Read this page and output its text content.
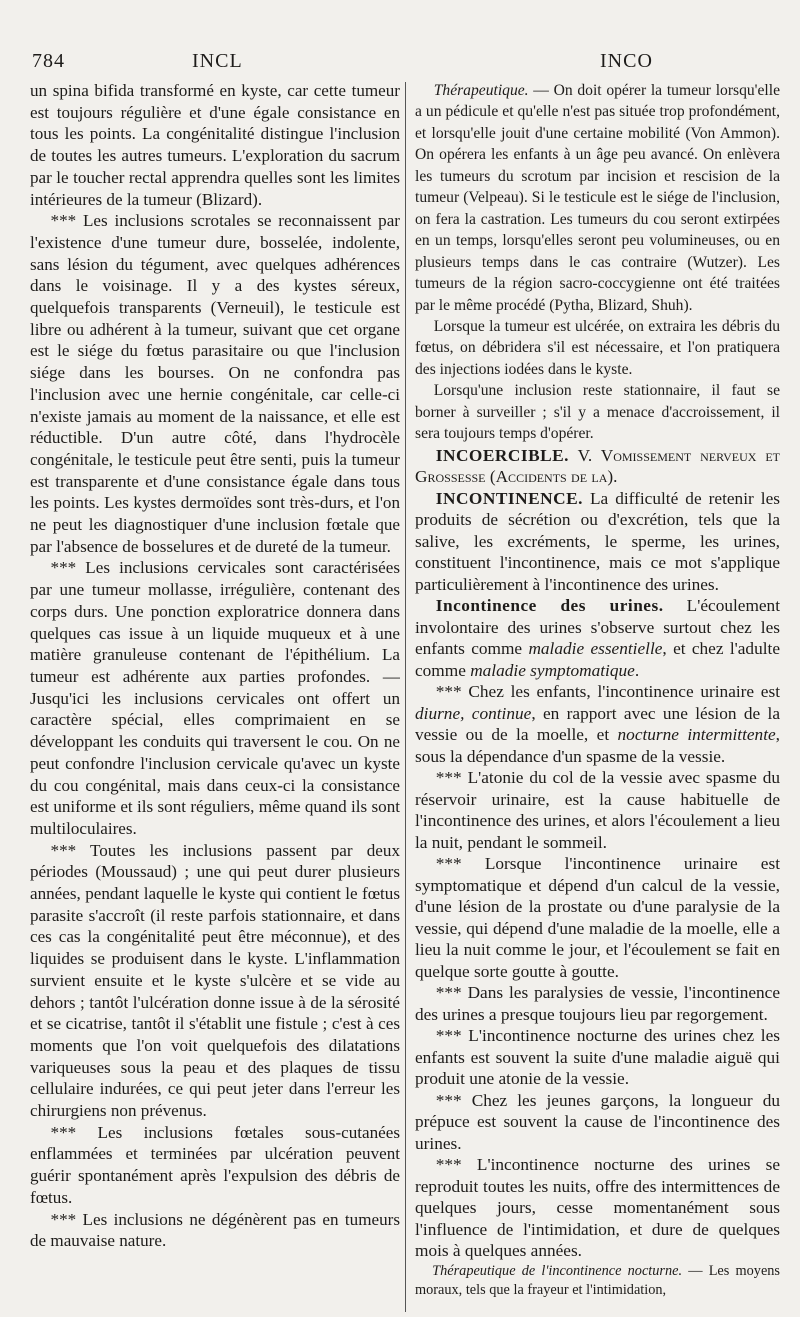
784	INCL	INCO

un spina bifida transformé en kyste, car cette tumeur est toujours régulière et d'une égale consistance en tous les points. La congénitalité distingue l'inclusion de toutes les autres tumeurs. L'exploration du sacrum par le toucher rectal apprendra quelles sont les limites intérieures de la tumeur (Blizard).

*** Les inclusions scrotales se reconnaissent par l'existence d'une tumeur dure, bosselée, indolente, sans lésion du tégument, avec quelques adhérences dans le voisinage. Il y a des kystes séreux, quelquefois transparents (Verneuil), le testicule est libre ou adhérent à la tumeur, suivant que cet organe est le siége du fœtus parasitaire ou que l'inclusion siége dans les bourses. On ne confondra pas l'inclusion avec une hernie congénitale, car celle-ci n'existe jamais au moment de la naissance, et elle est réductible. D'un autre côté, dans l'hydrocèle congénitale, le testicule peut être senti, puis la tumeur est transparente et d'une consistance égale dans tous les points. Les kystes dermoïdes sont très-durs, et l'on ne peut les diagnostiquer d'une inclusion fœtale que par l'absence de bosselures et de dureté de la tumeur.

*** Les inclusions cervicales sont caractérisées par une tumeur mollasse, irrégulière, contenant des corps durs. Une ponction exploratrice donnera dans quelques cas issue à un liquide muqueux et à une matière granuleuse contenant de l'épithélium. La tumeur est adhérente aux parties profondes. — Jusqu'ici les inclusions cervicales ont offert un caractère spécial, elles comprimaient en se développant les conduits qui traversent le cou. On ne peut confondre l'inclusion cervicale qu'avec un kyste du cou congénital, mais dans ceux-ci la consistance est uniforme et ils sont réguliers, même quand ils sont multiloculaires.

*** Toutes les inclusions passent par deux périodes (Moussaud) ; une qui peut durer plusieurs années, pendant laquelle le kyste qui contient le fœtus parasite s'accroît (il reste parfois stationnaire, et dans ces cas la congénitalité peut être méconnue), et des liquides se produisent dans le kyste. L'inflammation survient ensuite et le kyste s'ulcère et se vide au dehors ; tantôt l'ulcération donne issue à de la sérosité et se cicatrise, tantôt il s'établit une fistule ; c'est à ces moments que l'on voit quelquefois des dilatations variqueuses sous la peau et des plaques de tissu cellulaire indurées, ce qui peut jeter dans l'erreur les chirurgiens non prévenus.

*** Les inclusions fœtales sous-cutanées enflammées et terminées par ulcération peuvent guérir spontanément après l'expulsion des débris de fœtus.

*** Les inclusions ne dégénèrent pas en tumeurs de mauvaise nature.

Thérapeutique. — On doit opérer la tumeur lorsqu'elle a un pédicule et qu'elle n'est pas située trop profondément, et lorsqu'elle jouit d'une certaine mobilité (Von Ammon). On opérera les enfants à un âge peu avancé. On enlèvera les tumeurs du scrotum par incision et rescision de la tumeur (Velpeau). Si le testicule est le siége de l'inclusion, on fera la castration. Les tumeurs du cou seront extirpées en un temps, lorsqu'elles seront peu volumineuses, ou en plusieurs temps dans le cas contraire (Wutzer). Les tumeurs de la région sacro-coccygienne ont été traitées par le même procédé (Pytha, Blizard, Shuh).

Lorsque la tumeur est ulcérée, on extraira les débris du fœtus, on débridera s'il est nécessaire, et l'on pratiquera des injections iodées dans le kyste.

Lorsqu'une inclusion reste stationnaire, il faut se borner à surveiller ; s'il y a menace d'accroissement, il sera toujours temps d'opérer.

INCOERCIBLE. V. Vomissement nerveux et Grossesse (Accidents de la).

INCONTINENCE. La difficulté de retenir les produits de sécrétion ou d'excrétion, tels que la salive, les excréments, le sperme, les urines, constituent l'incontinence, mais ce mot s'applique particulièrement à l'incontinence des urines.

Incontinence des urines. L'écoulement involontaire des urines s'observe surtout chez les enfants comme maladie essentielle, et chez l'adulte comme maladie symptomatique.

*** Chez les enfants, l'incontinence urinaire est diurne, continue, en rapport avec une lésion de la vessie ou de la moelle, et nocturne intermittente, sous la dépendance d'un spasme de la vessie.

*** L'atonie du col de la vessie avec spasme du réservoir urinaire, est la cause habituelle de l'incontinence des urines, et alors l'écoulement a lieu la nuit, pendant le sommeil.

*** Lorsque l'incontinence urinaire est symptomatique et dépend d'un calcul de la vessie, d'une lésion de la prostate ou d'une paralysie de la vessie, qui dépend d'une maladie de la moelle, elle a lieu la nuit comme le jour, et l'écoulement se fait en quelque sorte goutte à goutte.

*** Dans les paralysies de vessie, l'incontinence des urines a presque toujours lieu par regorgement.

*** L'incontinence nocturne des urines chez les enfants est souvent la suite d'une maladie aiguë qui produit une atonie de la vessie.

*** Chez les jeunes garçons, la longueur du prépuce est souvent la cause de l'incontinence des urines.

*** L'incontinence nocturne des urines se reproduit toutes les nuits, offre des intermittences de quelques jours, cesse momentanément sous l'influence de l'intimidation, et dure de quelques mois à quelques années.

Thérapeutique de l'incontinence nocturne. — Les moyens moraux, tels que la frayeur et l'intimidation,
